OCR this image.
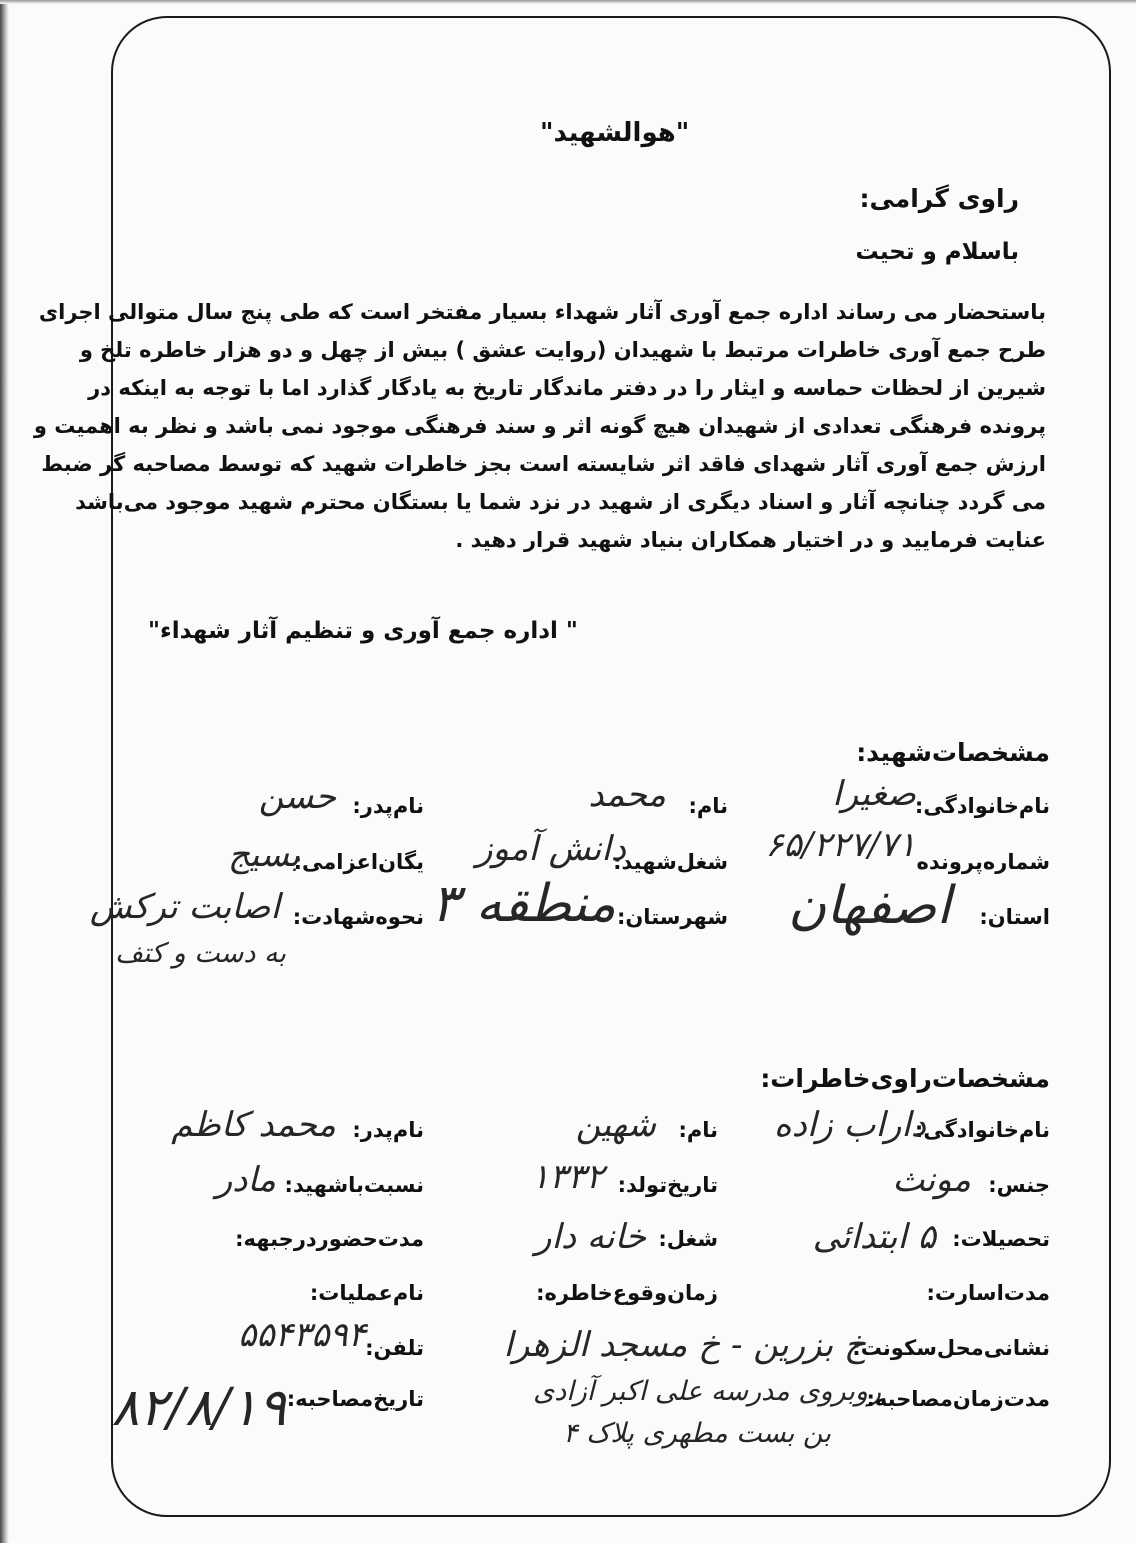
"هوالشهید"
راوی گرامی:
باسلام و تحیت
باستحضار می رساند اداره جمع آوری آثار شهداء بسیار مفتخر است که طی پنج سال متوالی اجرای
طرح جمع آوری خاطرات مرتبط با شهیدان (روایت عشق ) بیش از چهل و دو هزار خاطره تلخ و
شیرین از لحظات حماسه و ایثار را در دفتر ماندگار تاریخ به یادگار گذارد اما با توجه به اینکه در
پرونده فرهنگی تعدادی از شهیدان هیچ گونه اثر و سند فرهنگی موجود نمی باشد و نظر به اهمیت و
ارزش جمع آوری آثار شهدای فاقد اثر شایسته است بجز خاطرات شهید که توسط مصاحبه گر ضبط
می گردد چنانچه آثار و اسناد دیگری از شهید در نزد شما یا بستگان محترم شهید موجود می‌باشد
عنایت فرمایید و در اختیار همکاران بنیاد شهید قرار دهید .
" اداره جمع آوری و تنظیم آثار شهداء"
مشخصات‌شهید:
نام‌خانوادگی:
صغیرا
نام:
محمد
نام‌پدر:
حسن
شماره‌پرونده
۶۵/۲۲۷/۷۱
شغل‌شهید:
دانش آموز
یگان‌اعزامی:
بسیج
استان:
اصفهان
شهرستان:
منطقه ۳
نحوه‌شهادت:
اصابت ترکش
به دست و کتف
مشخصات‌راوی‌خاطرات:
نام‌خانوادگی:
داراب زاده
نام:
شهین
نام‌پدر:
محمد کاظم
جنس:
مونث
تاریخ‌تولد:
۱۳۳۲
نسبت‌باشهید:
مادر
تحصیلات:
۵ ابتدائی
شغل:
خانه دار
مدت‌حضوردرجبهه:
مدت‌اسارت:
زمان‌وقوع‌خاطره:
نام‌عملیات:
نشانی‌محل‌سکونت:
خ بزرین - خ مسجد الزهرا
روبروی مدرسه علی اکبر آزادی
بن بست مطهری پلاک ۴
تلفن:
۵۵۴۳۵۹۴
مدت‌زمان‌مصاحبه:
تاریخ‌مصاحبه:
۸۲/۸/۱۹
